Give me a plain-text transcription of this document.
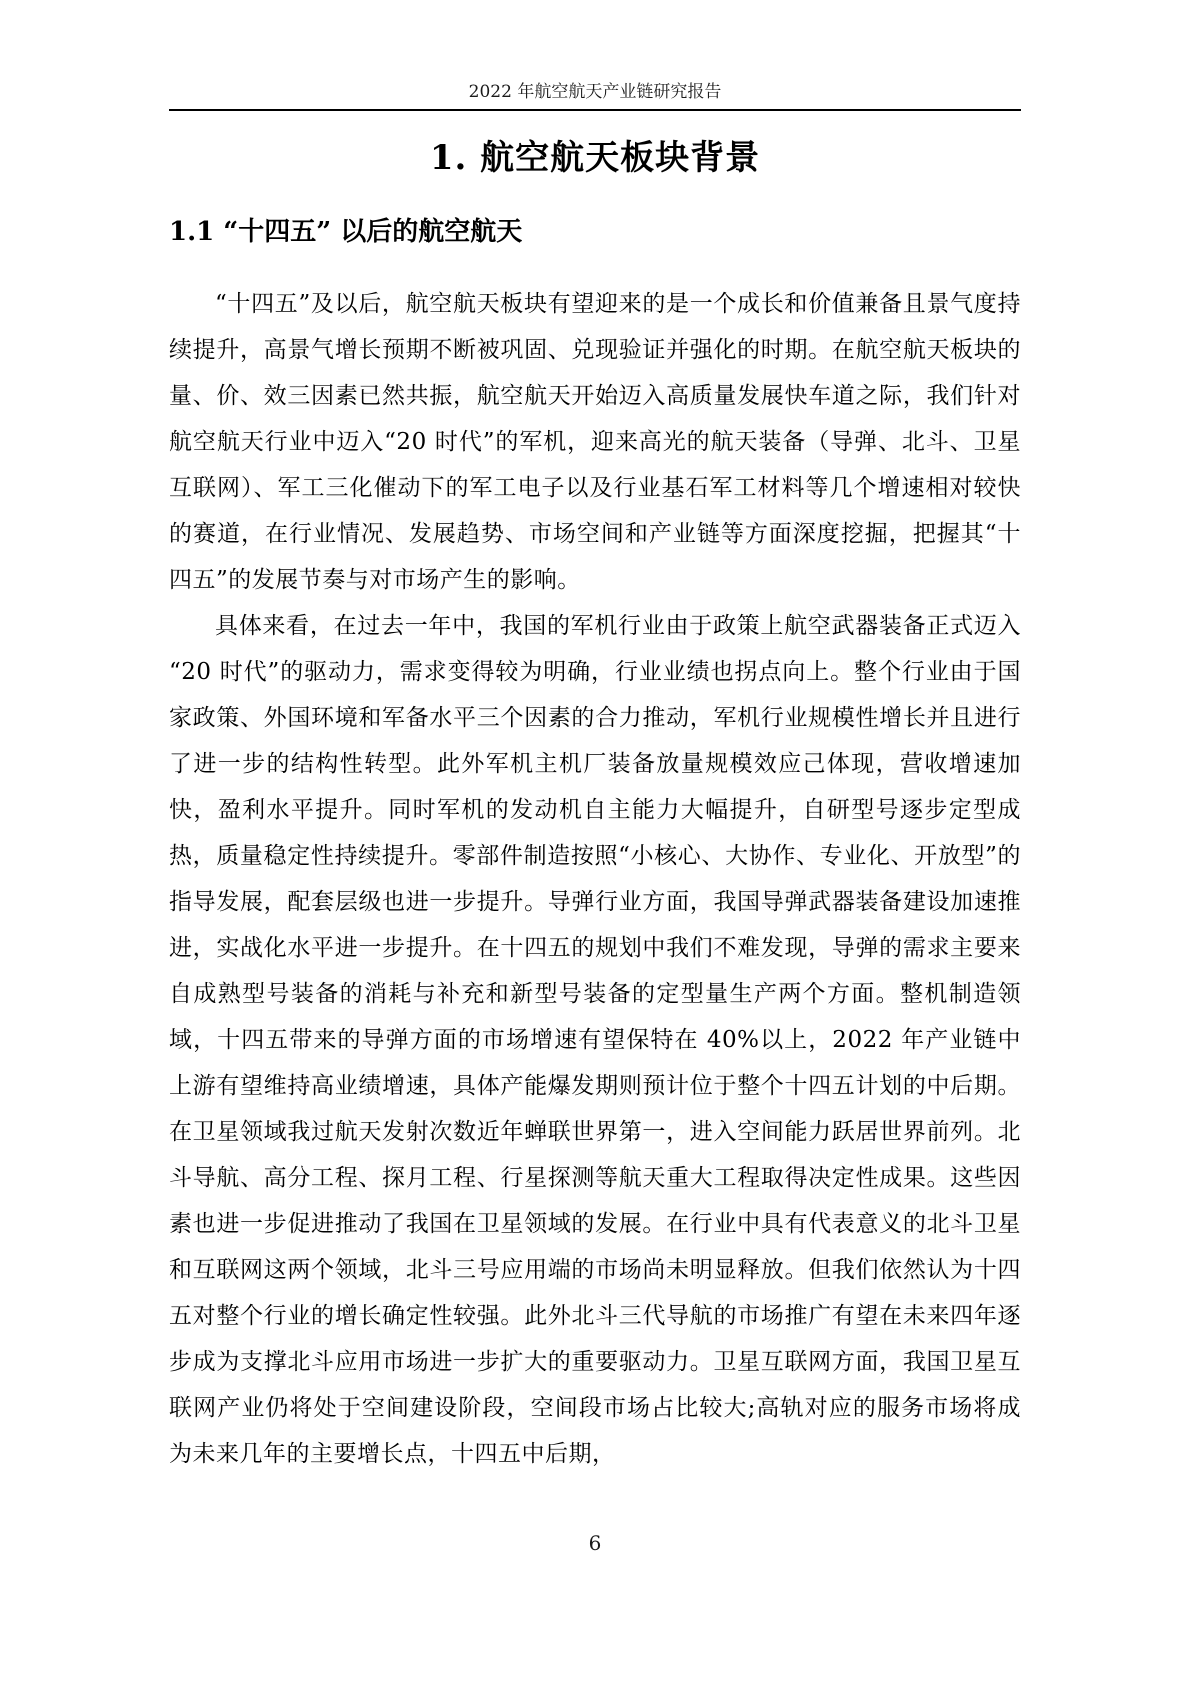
2022 年航空航天产业链研究报告
1. 航空航天板块背景
1.1 “十四五” 以后的航空航天

“十四五”及以后，航空航天板块有望迎来的是一个成长和价值兼备且景气度持续提升，高景气增长预期不断被巩固、兑现验证并强化的时期。在航空航天板块的量、价、效三因素已然共振，航空航天开始迈入高质量发展快车道之际，我们针对航空航天行业中迈入“20 时代”的军机，迎来高光的航天装备（导弹、北斗、卫星互联网）、军工三化催动下的军工电子以及行业基石军工材料等几个增速相对较快的赛道，在行业情况、发展趋势、市场空间和产业链等方面深度挖掘，把握其“十四五”的发展节奏与对市场产生的影响。

具体来看，在过去一年中，我国的军机行业由于政策上航空武器装备正式迈入“20 时代”的驱动力，需求变得较为明确，行业业绩也拐点向上。整个行业由于国家政策、外国环境和军备水平三个因素的合力推动，军机行业规模性增长并且进行了进一步的结构性转型。此外军机主机厂装备放量规模效应己体现，营收增速加快，盈利水平提升。同时军机的发动机自主能力大幅提升，自研型号逐步定型成热，质量稳定性持续提升。零部件制造按照“小核心、大协作、专业化、开放型”的指导发展，配套层级也进一步提升。导弹行业方面，我国导弹武器装备建设加速推进，实战化水平进一步提升。在十四五的规划中我们不难发现，导弹的需求主要来自成熟型号装备的消耗与补充和新型号装备的定型量生产两个方面。整机制造领域，十四五带来的导弹方面的市场增速有望保特在 40%以上，2022 年产业链中上游有望维持高业绩增速，具体产能爆发期则预计位于整个十四五计划的中后期。在卫星领域我过航天发射次数近年蝉联世界第一，进入空间能力跃居世界前列。北斗导航、高分工程、探月工程、行星探测等航天重大工程取得决定性成果。这些因素也进一步促进推动了我国在卫星领域的发展。在行业中具有代表意义的北斗卫星和互联网这两个领域，北斗三号应用端的市场尚未明显释放。但我们依然认为十四五对整个行业的增长确定性较强。此外北斗三代导航的市场推广有望在未来四年逐步成为支撑北斗应用市场进一步扩大的重要驱动力。卫星互联网方面，我国卫星互联网产业仍将处于空间建设阶段，空间段市场占比较大;高轨对应的服务市场将成为未来几年的主要增长点，十四五中后期，

6
